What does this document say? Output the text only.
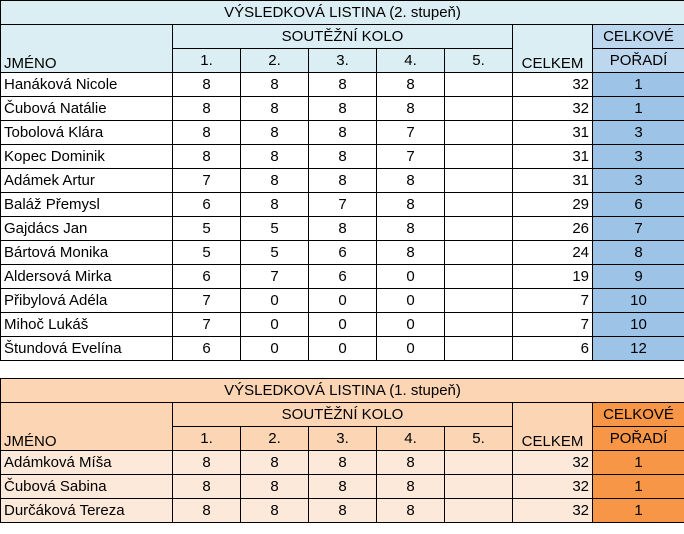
VÝSLEDKOVÁ LISTINA (2. stupeň)							
JMÉNO	SOUTĚŽNÍ KOLO					CELKEM	CELKOVÉ
	1.	2.	3.	4.	5.		POŘADÍ
Hanáková Nicole	8	8	8	8		32	1
Čubová Natálie	8	8	8	8		32	1
Tobolová Klára	8	8	8	7		31	3
Kopec Dominik	8	8	8	7		31	3
Adámek Artur	7	8	8	8		31	3
Baláž Přemysl	6	8	7	8		29	6
Gajdács Jan	5	5	8	8		26	7
Bártová Monika	5	5	6	8		24	8
Aldersová Mirka	6	7	6	0		19	9
Přibylová Adéla	7	0	0	0		7	10
Mihoč Lukáš	7	0	0	0		7	10
Štundová Evelína	6	0	0	0		6	12
VÝSLEDKOVÁ LISTINA (1. stupeň)							
JMÉNO	SOUTĚŽNÍ KOLO					CELKEM	CELKOVÉ
	1.	2.	3.	4.	5.		POŘADÍ
Adámková Míša	8	8	8	8		32	1
Čubová Sabina	8	8	8	8		32	1
Durčáková Tereza	8	8	8	8		32	1
